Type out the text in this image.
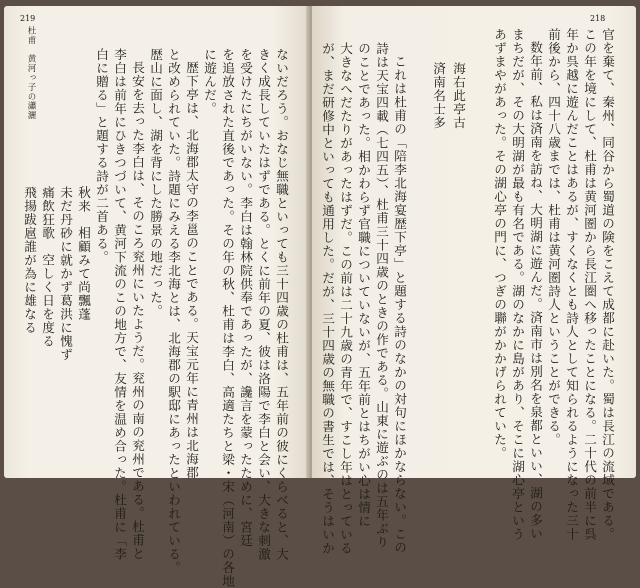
219
杜甫　黄河っ子の瀟灑	ないだろう。おなじ無職といっても三十四歳の杜甫は、五年前の彼にくらべると、大
きく成長していたはずである。とくに前年の夏、彼は洛陽で李白と会い、大きな刺激
を受けたにちがいない。李白は翰林院供奉であったが、讒言を蒙ったために、宮廷
を追放された直後であった。その年の秋、杜甫は李白、高適たちと梁・宋（河南）の各地
に遊んだ。
歴下亭は、北海郡太守の李邕のことである。天宝元年に青州は北海郡
と改められていた。詩題にみえる李北海とは、北海郡の駅邸にあったといわれている。
歴山に面し、湖を背にした勝景の地だった。
長安を去った李白は、そのころ兖州にいたようだ。兖州の南の兖州である。杜甫と
李白は前年にひきつづいて、黄河下流のこの地方で、友情を温め合った。杜甫に「李
白に贈る」と題する詩が二首ある。
秋来　相顧みて尚飄蓬
未だ丹砂に就かず葛洪に愧ず
痛飲狂歌　空しく日を度る
飛揚跋扈誰が為に雄なる
218
官を棄て、秦州、同谷から蜀道の険をこえて成都に赴いた。蜀は長江の流域である。
この年を境にして、杜甫は黄河圏から長江圏へ移ったことになる。二十代の前半に呉
年か呉越に遊んだことはあるが、すくなくとも詩人として知られるようになった三十
前後から、四十八歳までは、杜甫は黄河圏詩人ということができる。
数年前、私は済南を訪ね、大明湖に遊んだ。済南市は別名を泉都といい、湖の多い
まちだが、その大明湖が最も有名である。湖のなかに島があり、そこに湖心亭という
あずまやがあった。その湖心亭の門に、つぎの聯がかかげられていた。
海右此亭古
済南名士多
これは杜甫の「陪李北海宴歴下亭」と題する詩のなかの対句にほかならない。この
詩は天宝四載（七四五）、杜甫三十四歳のときの作である。山東に遊ぶのは五年ぶり
のことであった。相かわらず官職についていないが、五年前とはちがい心は情に
大きなへだたりがあったはずだ。この前は二十九歳の青年で、すこし年はとっている
が、まだ研修中といっても通用した。だが、三十四歳の無職の書生では、そうはいか
